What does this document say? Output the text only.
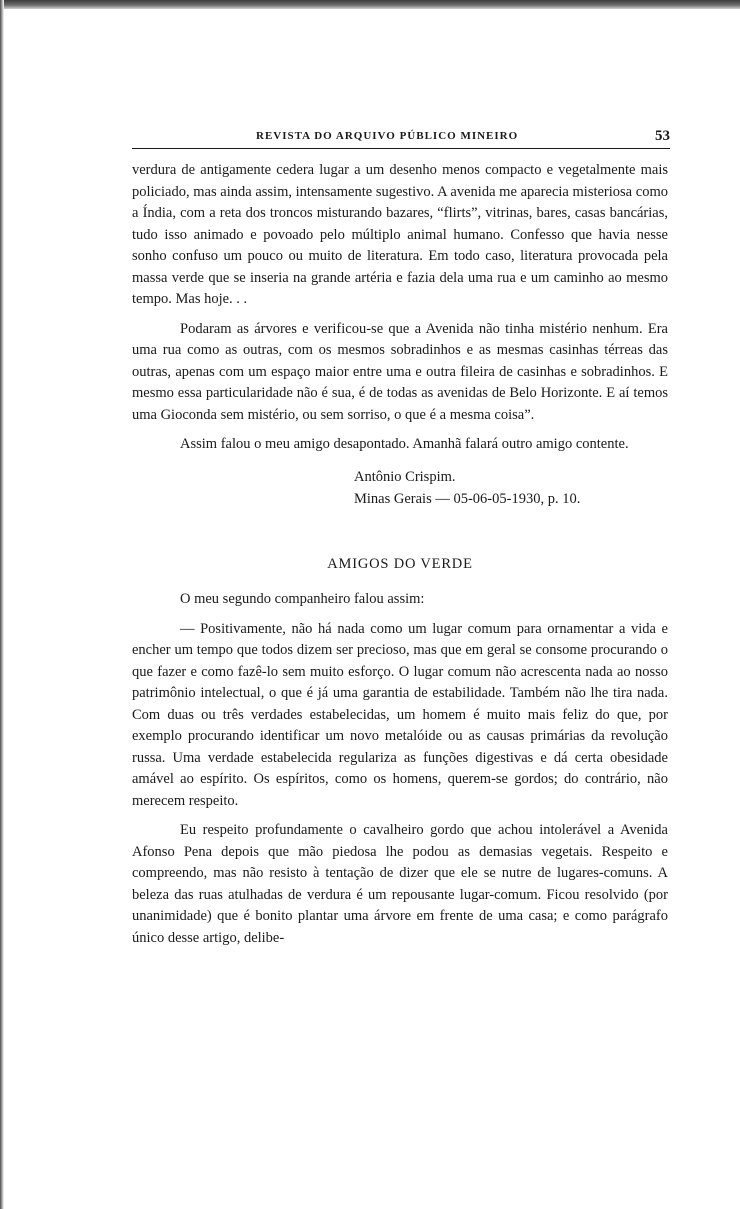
REVISTA DO ARQUIVO PÚBLICO MINEIRO	53

verdura de antigamente cedera lugar a um desenho menos compacto e vegetalmente mais policiado, mas ainda assim, intensamente sugestivo. A avenida me aparecia misteriosa como a Índia, com a reta dos troncos misturando bazares, “flirts”, vitrinas, bares, casas bancárias, tudo isso animado e povoado pelo múltiplo animal humano. Confesso que havia nesse sonho confuso um pouco ou muito de literatura. Em todo caso, literatura provocada pela massa verde que se inseria na grande artéria e fazia dela uma rua e um caminho ao mesmo tempo. Mas hoje. . .

Podaram as árvores e verificou-se que a Avenida não tinha mistério nenhum. Era uma rua como as outras, com os mesmos sobradinhos e as mesmas casinhas térreas das outras, apenas com um espaço maior entre uma e outra fileira de casinhas e sobradinhos. E mesmo essa particularidade não é sua, é de todas as avenidas de Belo Horizonte. E aí temos uma Gioconda sem mistério, ou sem sorriso, o que é a mesma coisa”.

Assim falou o meu amigo desapontado. Amanhã falará outro amigo contente.

Antônio Crispim.
Minas Gerais — 05-06-05-1930, p. 10.
AMIGOS DO VERDE

O meu segundo companheiro falou assim:

— Positivamente, não há nada como um lugar comum para ornamentar a vida e encher um tempo que todos dizem ser precioso, mas que em geral se consome procurando o que fazer e como fazê-lo sem muito esforço. O lugar comum não acrescenta nada ao nosso patrimônio intelectual, o que é já uma garantia de estabilidade. Também não lhe tira nada. Com duas ou três verdades estabelecidas, um homem é muito mais feliz do que, por exemplo procurando identificar um novo metalóide ou as causas primárias da revolução russa. Uma verdade estabelecida regulariza as funções digestivas e dá certa obesidade amável ao espírito. Os espíritos, como os homens, querem-se gordos; do contrário, não merecem respeito.

Eu respeito profundamente o cavalheiro gordo que achou intolerável a Avenida Afonso Pena depois que mão piedosa lhe podou as demasias vegetais. Respeito e compreendo, mas não resisto à tentação de dizer que ele se nutre de lugares-comuns. A beleza das ruas atulhadas de verdura é um repousante lugar-comum. Ficou resolvido (por unanimidade) que é bonito plantar uma árvore em frente de uma casa; e como parágrafo único desse artigo, delibe-
